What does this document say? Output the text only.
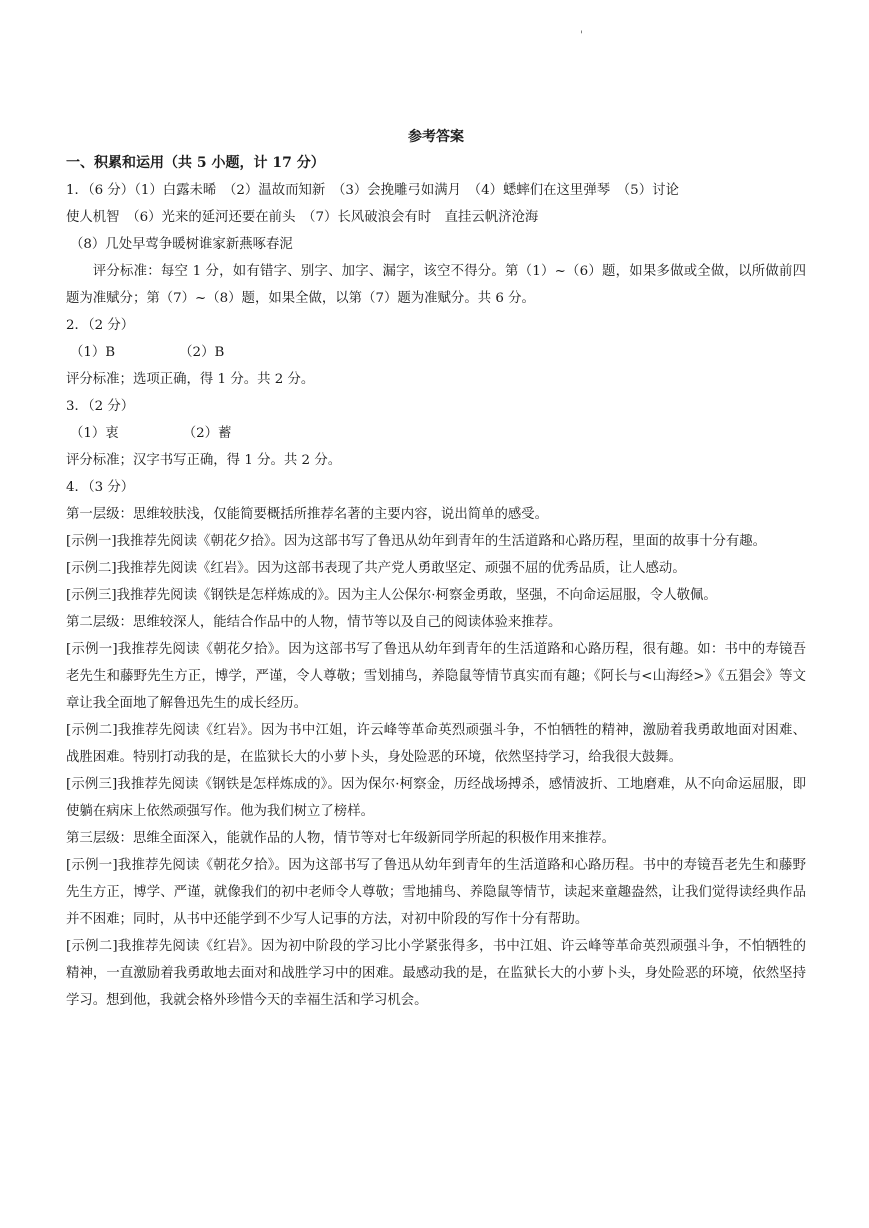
'
参考答案
一、积累和运用（共 5 小题，计 17 分）
1．（6 分）（1）白露未晞　（2）温故而知新　（3）会挽雕弓如满月　（4）蟋蟀们在这里弹琴　（5）讨论
使人机智　（6）光来的延河还要在前头　（7）长风破浪会有时　直挂云帆济沧海
（8）几处早莺争暖树谁家新燕啄春泥
评分标准：每空 1 分，如有错字、别字、加字、漏字，该空不得分。第（1）~（6）题，如果多做或全做，以所做前四题为准赋分；第（7）~（8）题，如果全做，以第（7）题为准赋分。共 6 分。
2．（2 分）
（1）B	（2）B
评分标准；选项正确，得 1 分。共 2 分。
3．（2 分）
（1）衷	（2）蓄
评分标准；汉字书写正确，得 1 分。共 2 分。
4．（3 分）
第一层级：思维较肤浅，仅能简要概括所推荐名著的主要内容，说出简单的感受。
[示例一]我推荐先阅读《朝花夕拾》。因为这部书写了鲁迅从幼年到青年的生活道路和心路历程，里面的故事十分有趣。
[示例二]我推荐先阅读《红岩》。因为这部书表现了共产党人勇敢坚定、顽强不屈的优秀品质，让人感动。
[示例三]我推荐先阅读《钢铁是怎样炼成的》。因为主人公保尔·柯察金勇敢，坚强，不向命运屈服，令人敬佩。
第二层级：思维较深人，能结合作品中的人物，情节等以及自己的阅读体验来推荐。
[示例一]我推荐先阅读《朝花夕拾》。因为这部书写了鲁迅从幼年到青年的生活道路和心路历程，很有趣。如：书中的寿镜吾老先生和藤野先生方正，博学，严谨，令人尊敬；雪划捕鸟，养隐鼠等情节真实而有趣；《阿长与<山海经>》《五猖会》等文章让我全面地了解鲁迅先生的成长经历。
[示例二]我推荐先阅读《红岩》。因为书中江姐，许云峰等革命英烈顽强斗争，不怕牺牲的精神，激励着我勇敢地面对困难、战胜困难。特别打动我的是，在监狱长大的小萝卜头，身处险恶的环境，依然坚持学习，给我很大鼓舞。
[示例三]我推荐先阅读《钢铁是怎样炼成的》。因为保尔·柯察金，历经战场搏杀，感情波折、工地磨难，从不向命运屈服，即使躺在病床上依然顽强写作。他为我们树立了榜样。
第三层级：思维全面深入，能就作品的人物，情节等对七年级新同学所起的积极作用来推荐。
[示例一]我推荐先阅读《朝花夕拾》。因为这部书写了鲁迅从幼年到青年的生活道路和心路历程。书中的寿镜吾老先生和藤野先生方正，博学、严谨，就像我们的初中老师令人尊敬；雪地捕鸟、养隐鼠等情节，读起来童趣盎然，让我们觉得读经典作品并不困难；同时，从书中还能学到不少写人记事的方法，对初中阶段的写作十分有帮助。
[示例二]我推荐先阅读《红岩》。因为初中阶段的学习比小学紧张得多，书中江姐、许云峰等革命英烈顽强斗争，不怕牺牲的精神，一直激励着我勇敢地去面对和战胜学习中的困难。最感动我的是，在监狱长大的小萝卜头，身处险恶的环境，依然坚持学习。想到他，我就会格外珍惜今天的幸福生活和学习机会。
